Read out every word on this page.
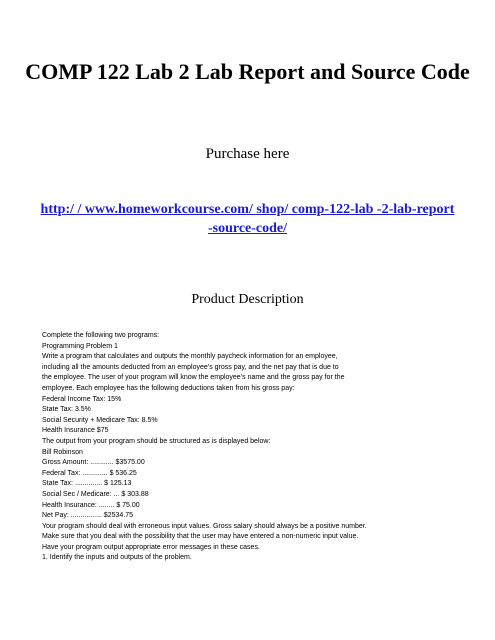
COMP 122 Lab 2 Lab Report and Source Code
Purchase here
http:/ / www.homeworkcourse.com/ shop/ comp-122-lab -2-lab-report-source-code/
Product Description
Complete the following two programs:
Programming Problem 1
Write a program that calculates and outputs the monthly paycheck information for an employee,
including all the amounts deducted from an employee’s gross pay, and the net pay that is due to
the employee. The user of your program will know the employee’s name and the gross pay for the
employee. Each employee has the following deductions taken from his gross pay:
Federal Income Tax: 15%
State Tax: 3.5%
Social Security + Medicare Tax: 8.5%
Health Insurance $75
The output from your program should be structured as is displayed below:
Bill Robinson
Gross Amount: ............ $3575.00
Federal Tax: ............. $ 536.25
State Tax: .............. $ 125.13
Social Sec / Medicare: ... $ 303.88
Health Insurance: ........ $ 75.00
Net Pay: ................ $2534.75
Your program should deal with erroneous input values. Gross salary should always be a positive number.
Make sure that you deal with the possibility that the user may have entered a non-numeric input value.
Have your program output appropriate error messages in these cases.
1. Identify the inputs and outputs of the problem.
